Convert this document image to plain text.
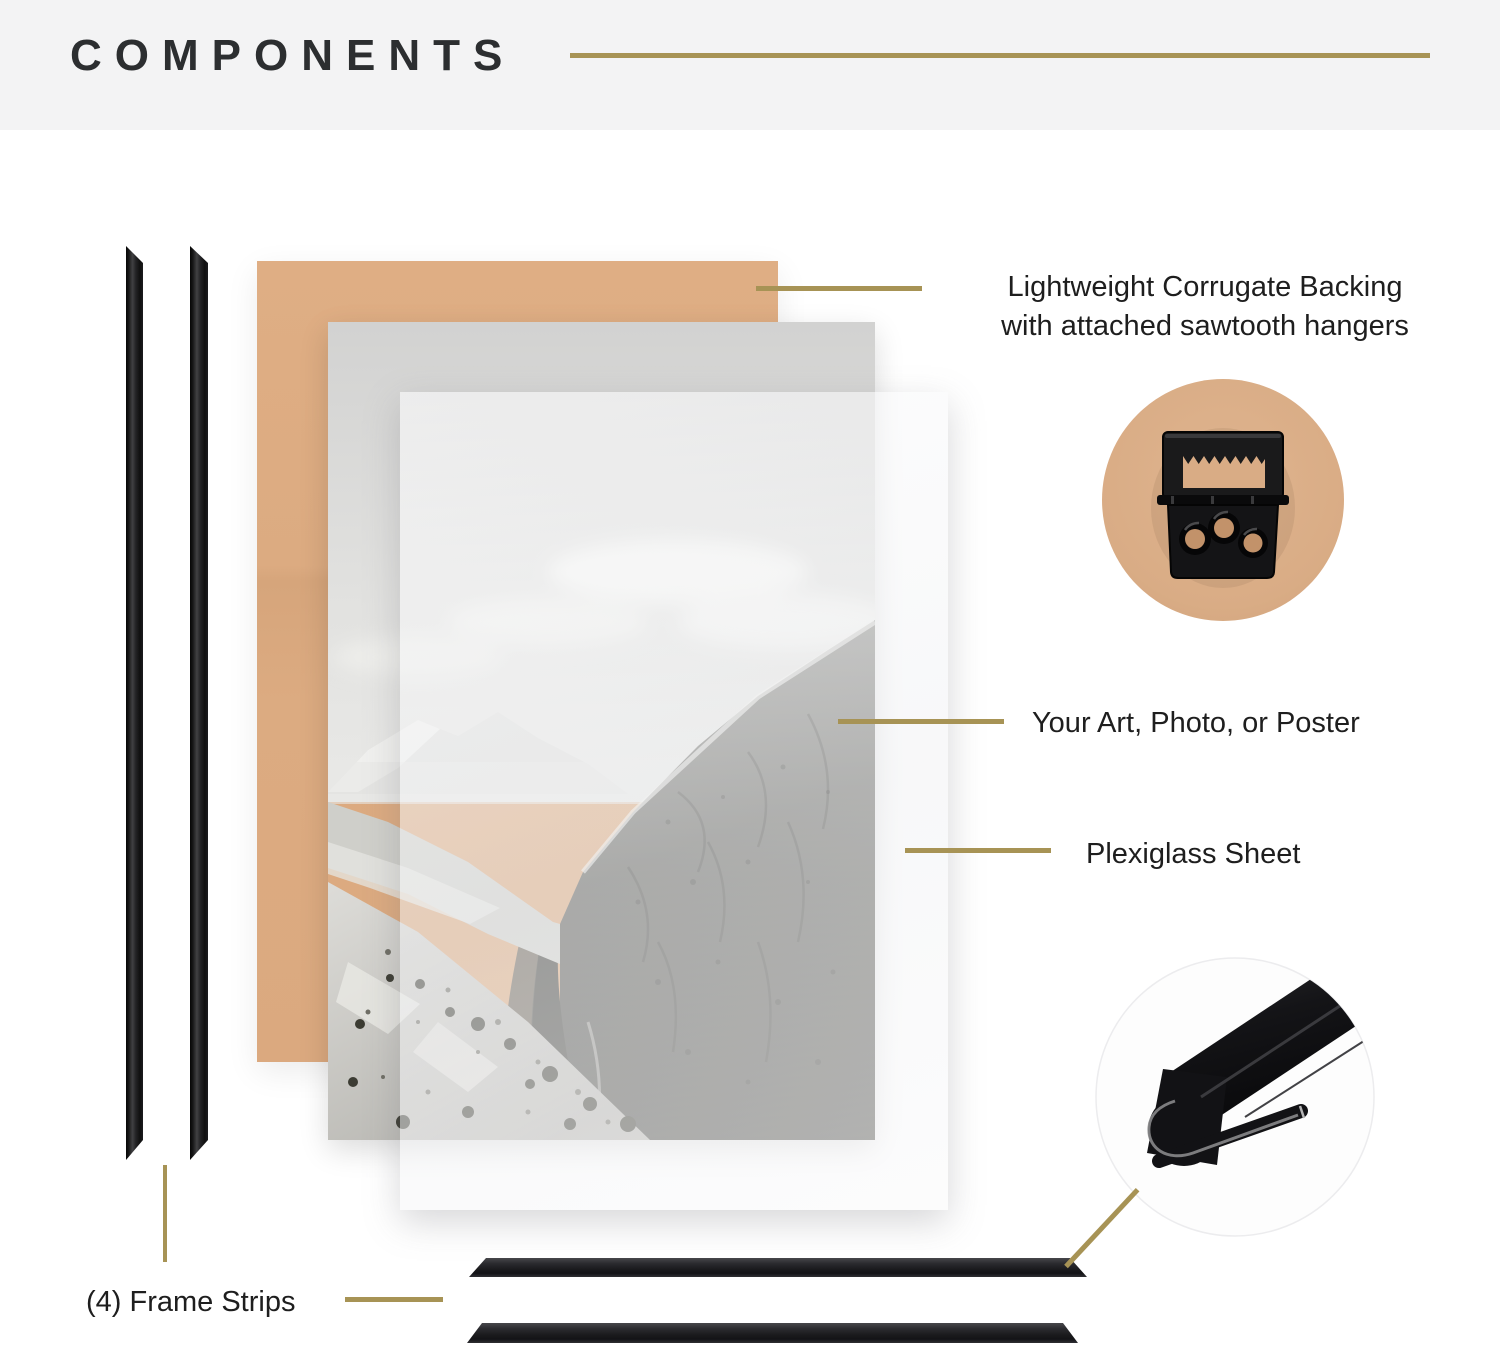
COMPONENTS
Lightweight Corrugate Backing
with attached sawtooth hangers
Your Art, Photo, or Poster
Plexiglass Sheet
(4) Frame Strips
